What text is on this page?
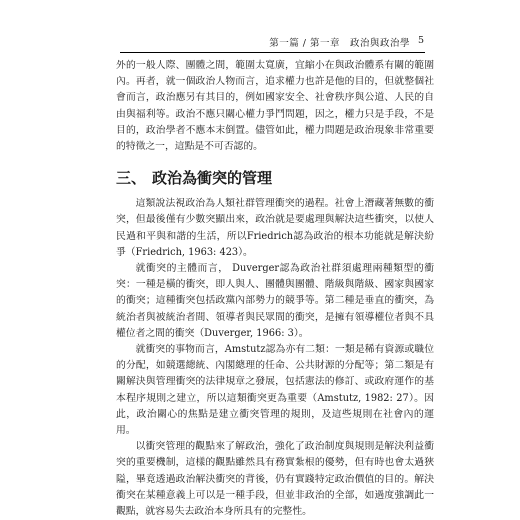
第一篇 / 第一章　政治與政治學 5

外的一般人際、團體之間，範圍太寬廣，宜縮小在與政治體系有關的範圍內。再者，就一個政治人物而言，追求權力也許是他的目的，但就整個社會而言，政治應另有其目的，例如國家安全、社會秩序與公道、人民的自由與福利等。政治不應只關心權力爭鬥問題，因之，權力只是手段，不是目的，政治學者不應本末倒置。儘管如此，權力問題是政治現象非常重要的特徵之一，這點是不可否認的。

三、 政治為衝突的管理

這類說法視政治為人類社群管理衝突的過程。社會上潛藏著無數的衝突，但最後僅有少數突顯出來，政治就是要處理與解決這些衝突，以使人民過和平與和諧的生活，所以Friedrich認為政治的根本功能就是解決紛爭（Friedrich, 1963: 423）。

就衝突的主體而言， Duverger認為政治社群須處理兩種類型的衝突：一種是橫的衝突，即人與人、團體與團體、階級與階級、國家與國家的衝突；這種衝突包括政黨內部勢力的競爭等。第二種是垂直的衝突，為統治者與被統治者間、領導者與民眾間的衝突，是擁有領導權位者與不具權位者之間的衝突（Duverger, 1966: 3）。

就衝突的事物而言，Amstutz認為亦有二類：一類是稀有資源或職位的分配，如競選總統、內閣總理的任命、公共財源的分配等；第二類是有關解決與管理衝突的法律規章之發展，包括憲法的修訂、或政府運作的基本程序規則之建立，所以這類衝突更為重要（Amstutz, 1982: 27）。因此，政治關心的焦點是建立衝突管理的規則，及這些規則在社會內的運用。

以衝突管理的觀點來了解政治，強化了政治制度與規則是解決利益衝突的重要機制，這樣的觀點雖然具有務實紮根的優勢，但有時也會太過狹隘，畢竟透過政治解決衝突的背後，仍有實踐特定政治價值的目的。解決衝突在某種意義上可以是一種手段，但並非政治的全部，如過度強調此一觀點，就容易失去政治本身所具有的完整性。
